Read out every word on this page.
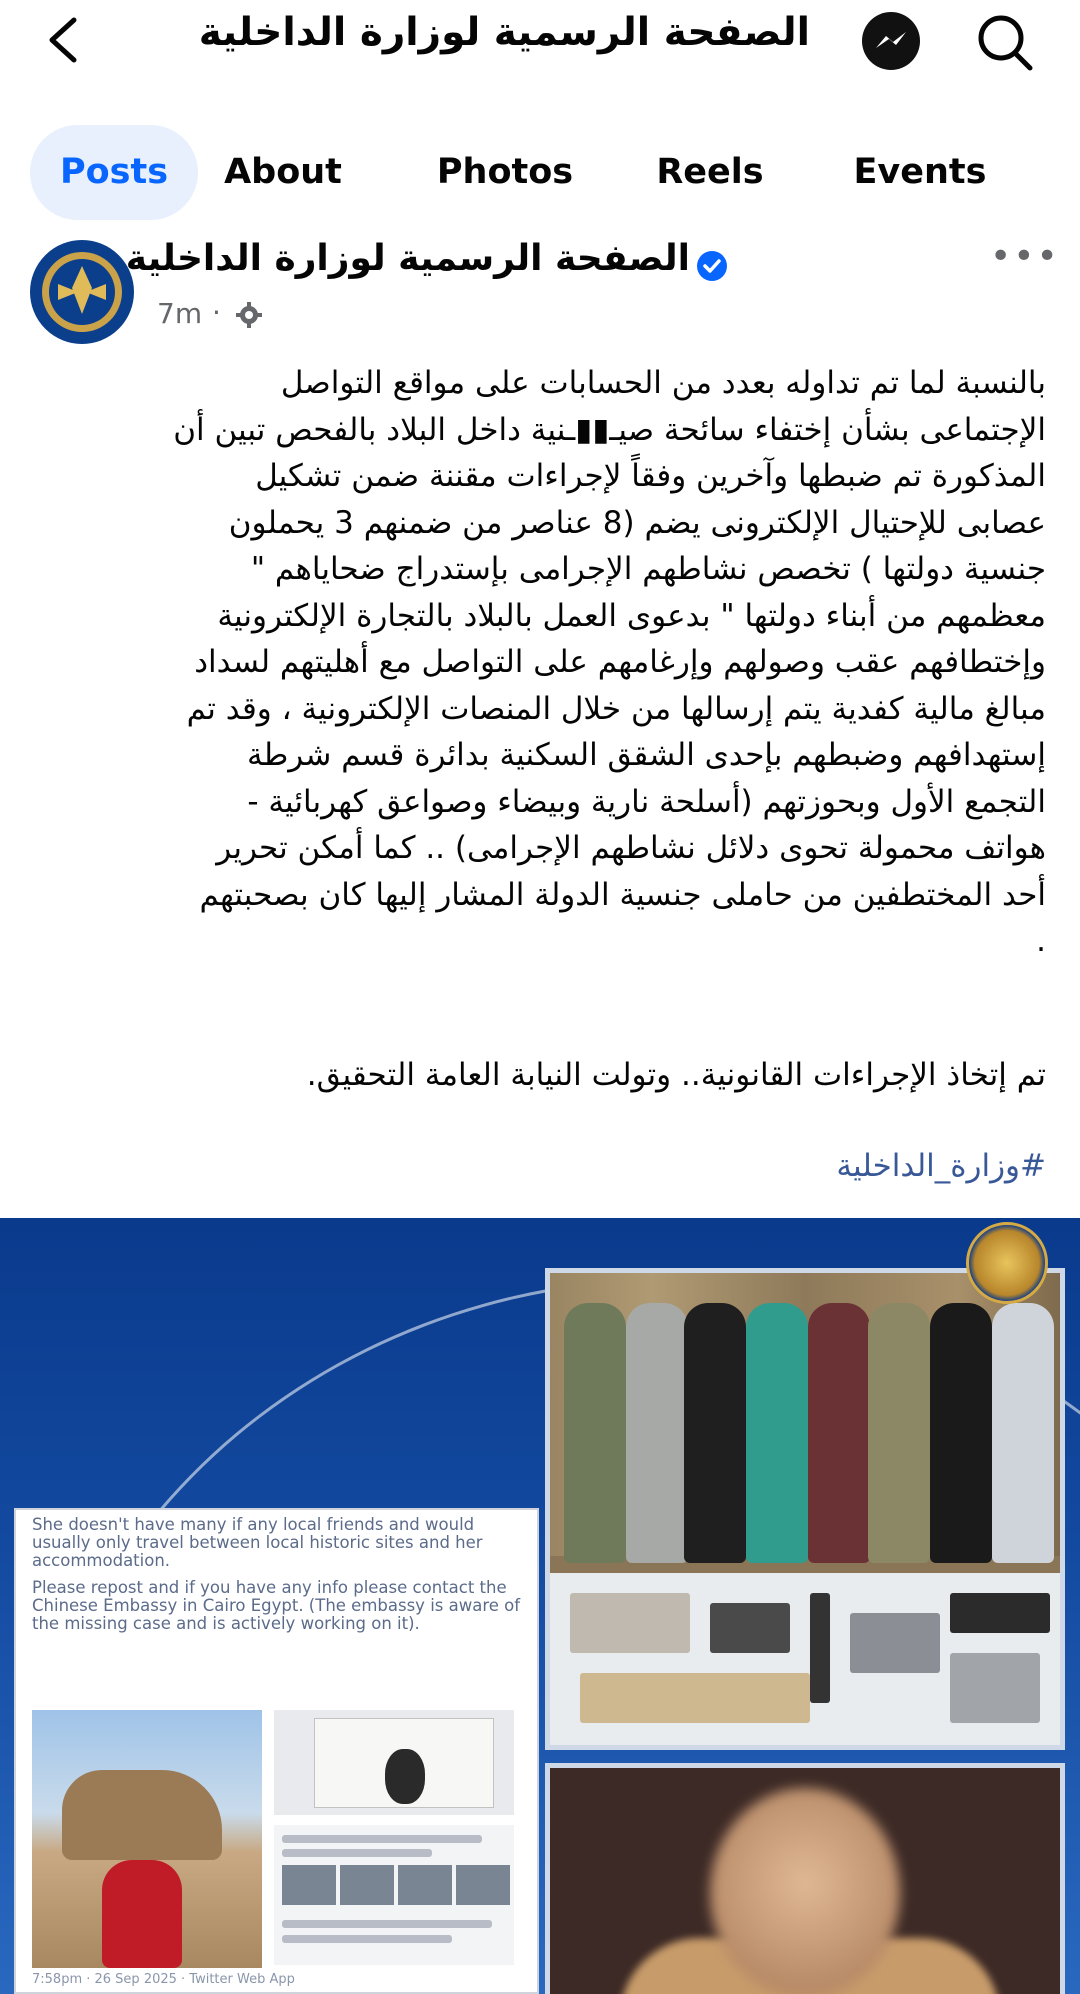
الصفحة الرسمية لوزارة الداخلية
Posts	About	Photos Reels	Events
الصفحة الرسمية لوزارة الداخلية
7m ·
•••

بالنسبة لما تم تداوله بعدد من الحسابات على مواقع التواصل

الإجتماعى بشأن إختفاء سائحة صيـ▮▮ـنية داخل البلاد بالفحص تبين أن

المذكورة تم ضبطها وآخرين وفقاً لإجراءات مقننة ضمن تشكيل

عصابى للإحتيال الإلكترونى يضم (8 عناصر من ضمنهم 3 يحملون

جنسية دولتها ) تخصص نشاطهم الإجرامى بإستدراج ضحاياهم "

معظمهم من أبناء دولتها " بدعوى العمل بالبلاد بالتجارة الإلكترونية

وإختطافهم عقب وصولهم وإرغامهم على التواصل مع أهليتهم لسداد

مبالغ مالية كفدية يتم إرسالها من خلال المنصات الإلكترونية ، وقد تم

إستهدافهم وضبطهم بإحدى الشقق السكنية بدائرة قسم شرطة

التجمع الأول وبحوزتهم (أسلحة نارية وبيضاء وصواعق كهربائية -

هواتف محمولة تحوى دلائل نشاطهم الإجرامى) .. كما أمكن تحرير

أحد المختطفين من حاملى جنسية الدولة المشار إليها كان بصحبتهم

.

تم إتخاذ الإجراءات القانونية.. وتولت النيابة العامة التحقيق.
#وزارة_الداخلية

She doesn't have many if any local friends and would usually only travel between local historic sites and her accommodation.

Please repost and if you have any info please contact the Chinese Embassy in Cairo Egypt. (The embassy is aware of the missing case and is actively working on it).

7:58pm · 26 Sep 2025 · Twitter Web App
